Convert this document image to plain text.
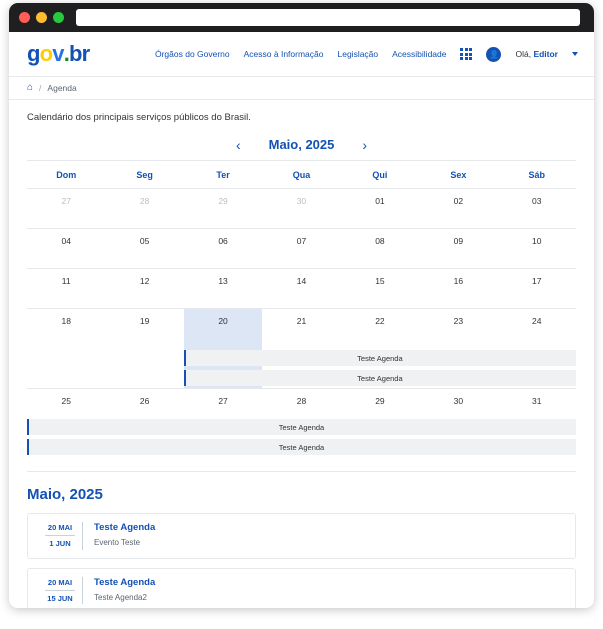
g o v . br	Órgãos do Governo Acesso à Informação Legislação Acessibilidade	👤 Olá, Editor
⌂ / Agenda
Calendário dos principais serviços públicos do Brasil.
‹ Maio, 2025 ›
Dom	Seg	Ter	Qua	Qui	Sex	Sáb
27	28	29	30	01	02	03
04	05	06	07	08	09	10
11	12	13	14	15	16	17
18	19	20	21	22	23	24
Teste Agenda
Teste Agenda
25	26	27	28	29	30	31
Teste Agenda
Teste Agenda
Maio, 2025
20 MAI
1 JUN
Teste Agenda
Evento Teste
20 MAI
15 JUN
Teste Agenda
Teste Agenda2
